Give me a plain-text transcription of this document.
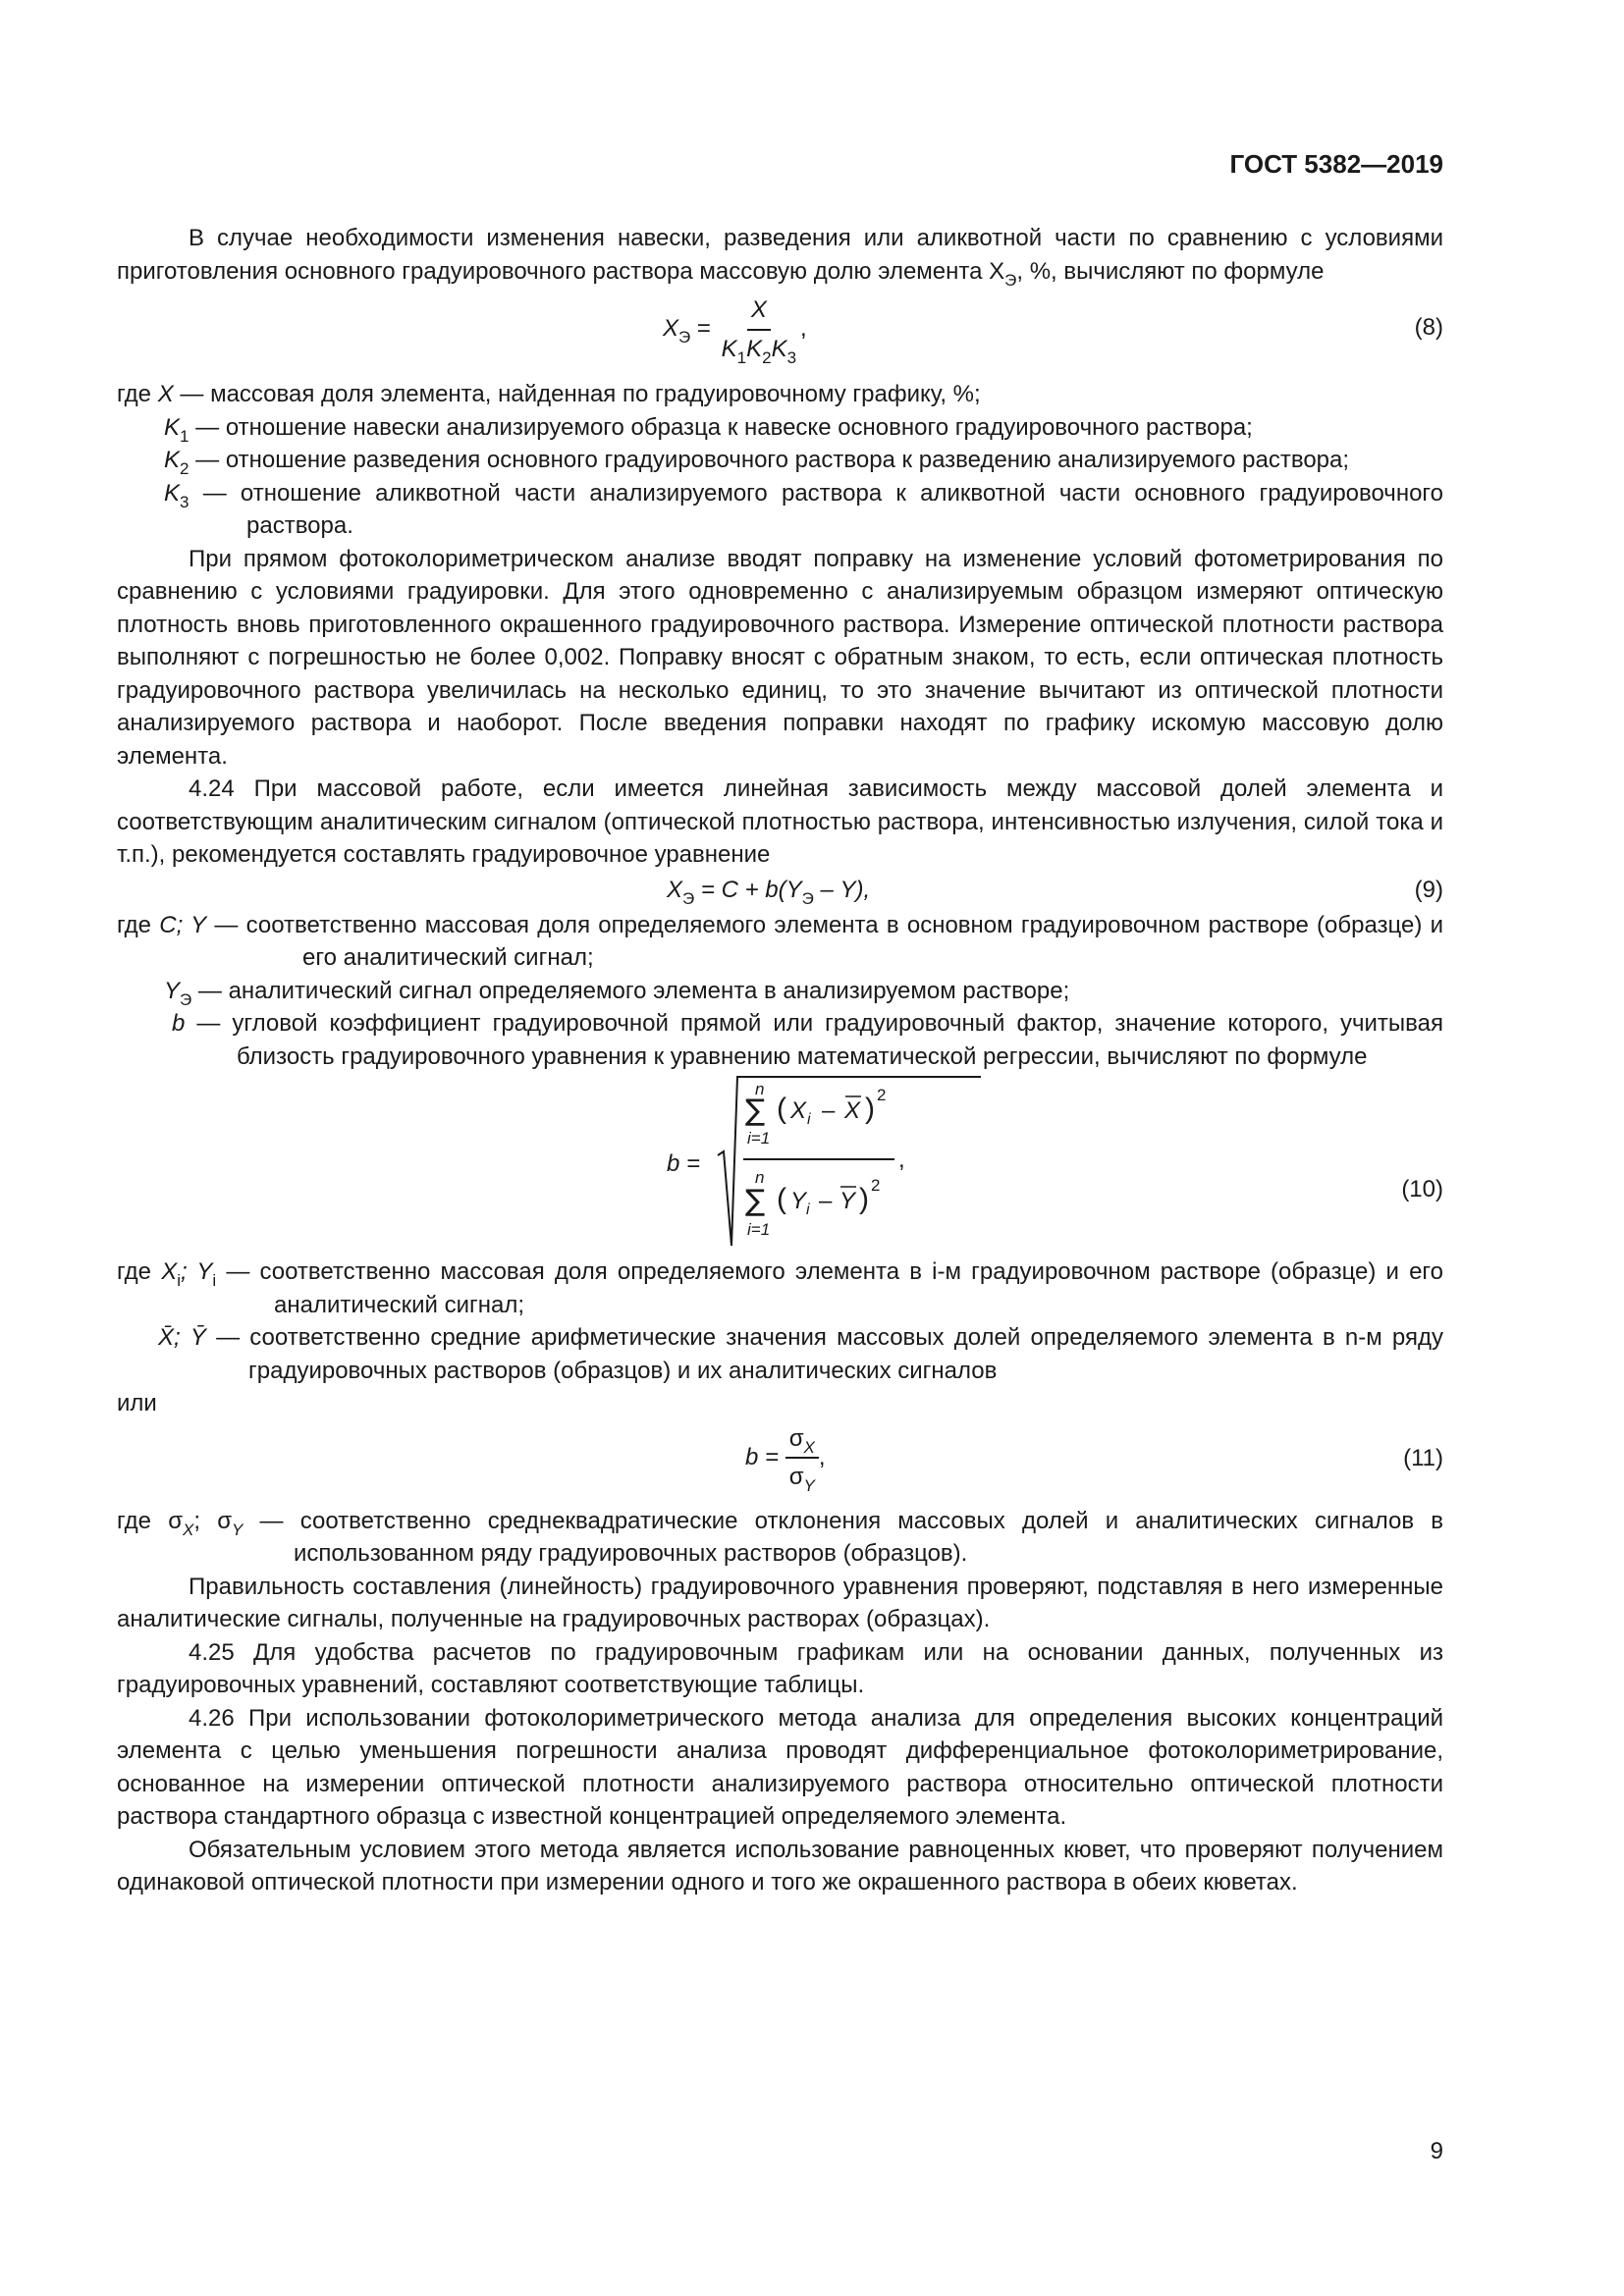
ГОСТ 5382—2019

В случае необходимости изменения навески, разведения или аликвотной части по сравнению с условиями приготовления основного градуировочного раствора массовую долю элемента $X_Э$, %, вычисляют по формуле

$X_Э = \frac{X}{K_1K_2K_3}$ ,	(8)
где X — массовая доля элемента, найденная по градуировочному графику, %;
$K_1$ — отношение навески анализируемого образца к навеске основного градуировочного раствора;
$K_2$ — отношение разведения основного градуировочного раствора к разведению анализируемого раствора;
$K_3$ — отношение аликвотной части анализируемого раствора к аликвотной части основного градуировочного раствора.

При прямом фотоколориметрическом анализе вводят поправку на изменение условий фотометрирования по сравнению с условиями градуировки. Для этого одновременно с анализируемым образцом измеряют оптическую плотность вновь приготовленного окрашенного градуировочного раствора. Измерение оптической плотности раствора выполняют с погрешностью не более 0,002. Поправку вносят с обратным знаком, то есть, если оптическая плотность градуировочного раствора увеличилась на несколько единиц, то это значение вычитают из оптической плотности анализируемого раствора и наоборот. После введения поправки находят по графику искомую массовую долю элемента.

4.24 При массовой работе, если имеется линейная зависимость между массовой долей элемента и соответствующим аналитическим сигналом (оптической плотностью раствора, интенсивностью излучения, силой тока и т.п.), рекомендуется составлять градуировочное уравнение

$X_Э = C + b(Y_Э - Y)$,	(9)
где C; Y — соответственно массовая доля определяемого элемента в основном градуировочном растворе (образце) и его аналитический сигнал;
$Y_Э$ — аналитический сигнал определяемого элемента в анализируемом растворе;
b — угловой коэффициент градуировочной прямой или градуировочный фактор, значение которого, учитывая близость градуировочного уравнения к уравнению математической регрессии, вычисляют по формуле
b =
n
∑
i=1
( X i – X ) 2
,
n
∑
i=1
( Y i – Y ) 2	(10)
где $X_i$; $Y_i$ — соответственно массовая доля определяемого элемента в i-м градуировочном растворе (образце) и его аналитический сигнал;
X̄; Ȳ — соответственно средние арифметические значения массовых долей определяемого элемента в n-м ряду градуировочных растворов (образцов) и их аналитических сигналов
или
$b = \frac{\sigma_X}{\sigma_Y}$ ,	(11)
где $\sigma_X$; $\sigma_Y$ — соответственно среднеквадратические отклонения массовых долей и аналитических сигналов в использованном ряду градуировочных растворов (образцов).

Правильность составления (линейность) градуировочного уравнения проверяют, подставляя в него измеренные аналитические сигналы, полученные на градуировочных растворах (образцах).

4.25 Для удобства расчетов по градуировочным графикам или на основании данных, полученных из градуировочных уравнений, составляют соответствующие таблицы.

4.26 При использовании фотоколориметрического метода анализа для определения высоких концентраций элемента с целью уменьшения погрешности анализа проводят дифференциальное фотоколориметрирование, основанное на измерении оптической плотности анализируемого раствора относительно оптической плотности раствора стандартного образца с известной концентрацией определяемого элемента.

Обязательным условием этого метода является использование равноценных кювет, что проверяют получением одинаковой оптической плотности при измерении одного и того же окрашенного раствора в обеих кюветах.

9
